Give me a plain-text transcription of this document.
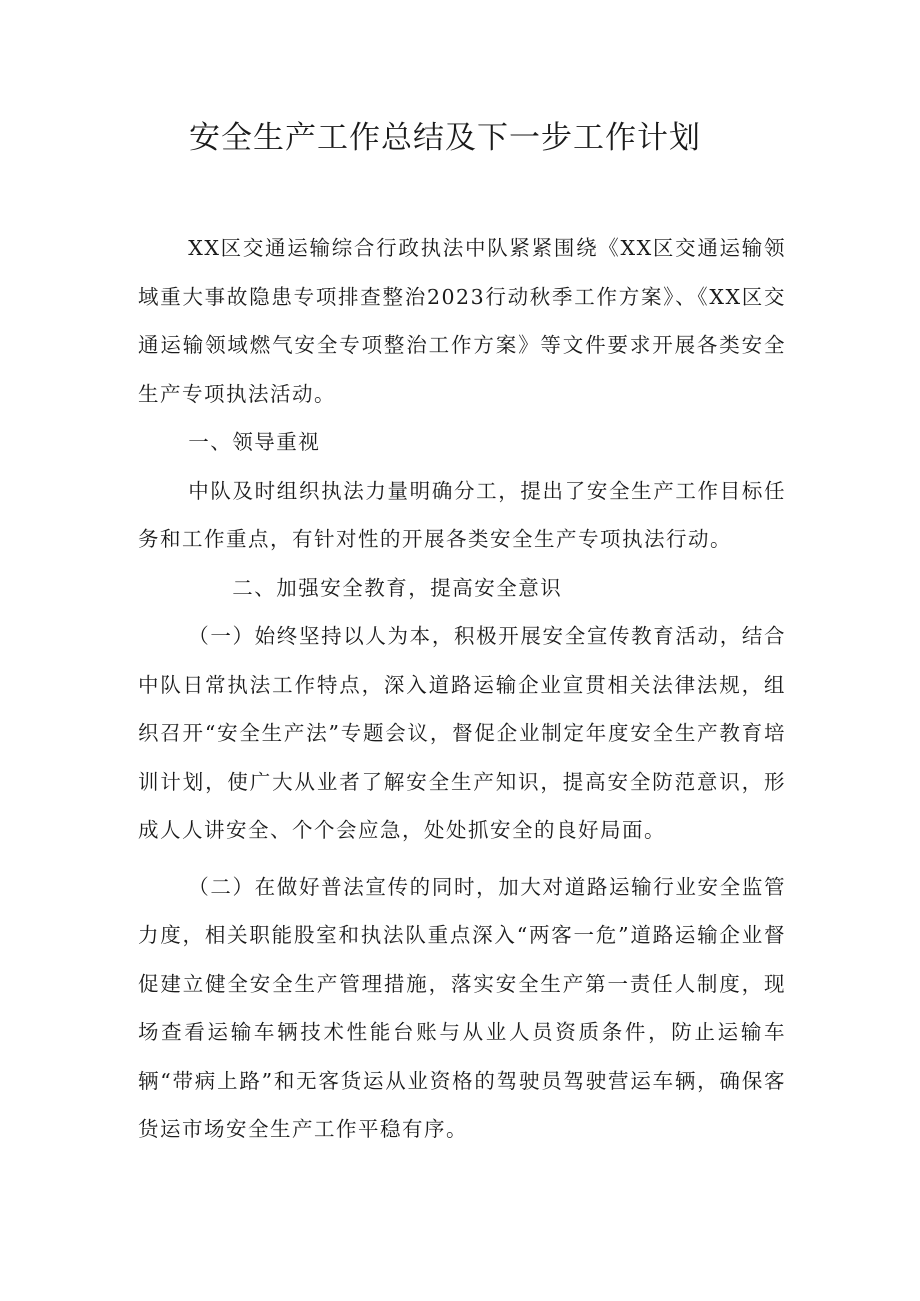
安全生产工作总结及下一步工作计划

XX区交通运输综合行政执法中队紧紧围绕《XX区交通运输领域重大事故隐患专项排查整治2023行动秋季工作方案》、《XX区交通运输领域燃气安全专项整治工作方案》等文件要求开展各类安全生产专项执法活动。

一、领导重视

中队及时组织执法力量明确分工，提出了安全生产工作目标任务和工作重点，有针对性的开展各类安全生产专项执法行动。

二、加强安全教育，提高安全意识

（一）始终坚持以人为本，积极开展安全宣传教育活动，结合中队日常执法工作特点，深入道路运输企业宣贯相关法律法规，组织召开“安全生产法”专题会议，督促企业制定年度安全生产教育培训计划，使广大从业者了解安全生产知识，提高安全防范意识，形成人人讲安全、个个会应急，处处抓安全的良好局面。

（二）在做好普法宣传的同时，加大对道路运输行业安全监管力度，相关职能股室和执法队重点深入“两客一危”道路运输企业督促建立健全安全生产管理措施，落实安全生产第一责任人制度，现场查看运输车辆技术性能台账与从业人员资质条件，防止运输车辆“带病上路”和无客货运从业资格的驾驶员驾驶营运车辆，确保客货运市场安全生产工作平稳有序。
